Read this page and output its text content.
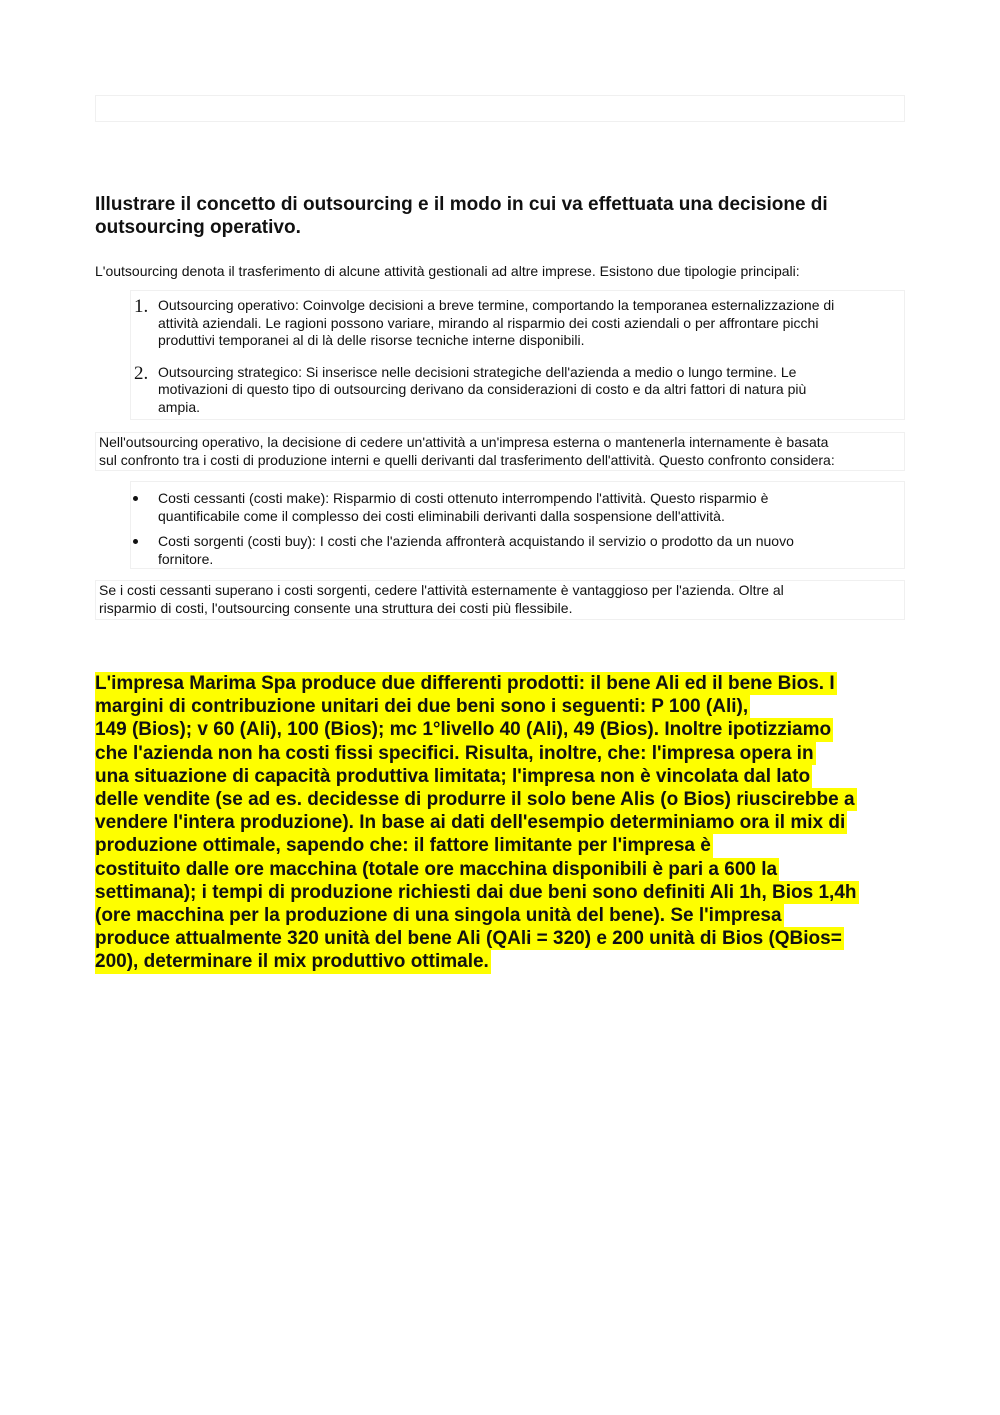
Illustrare il concetto di outsourcing e il modo in cui va effettuata una decisione di
outsourcing operativo.

L'outsourcing denota il trasferimento di alcune attività gestionali ad altre imprese. Esistono due tipologie principali:

1. Outsourcing operativo: Coinvolge decisioni a breve termine, comportando la temporanea esternalizzazione di
attività aziendali. Le ragioni possono variare, mirando al risparmio dei costi aziendali o per affrontare picchi
produttivi temporanei al di là delle risorse tecniche interne disponibili.
2. Outsourcing strategico: Si inserisce nelle decisioni strategiche dell'azienda a medio o lungo termine. Le
motivazioni di questo tipo di outsourcing derivano da considerazioni di costo e da altri fattori di natura più
ampia.
Nell'outsourcing operativo, la decisione di cedere un'attività a un'impresa esterna o mantenerla internamente è basata
sul confronto tra i costi di produzione interni e quelli derivanti dal trasferimento dell'attività. Questo confronto considera:
Costi cessanti (costi make): Risparmio di costi ottenuto interrompendo l'attività. Questo risparmio è
quantificabile come il complesso dei costi eliminabili derivanti dalla sospensione dell'attività.
Costi sorgenti (costi buy): I costi che l'azienda affronterà acquistando il servizio o prodotto da un nuovo
fornitore.
Se i costi cessanti superano i costi sorgenti, cedere l'attività esternamente è vantaggioso per l'azienda. Oltre al
risparmio di costi, l'outsourcing consente una struttura dei costi più flessibile.
L'impresa Marima Spa produce due differenti prodotti: il bene Ali ed il bene Bios. I
margini di contribuzione unitari dei due beni sono i seguenti: P 100 (Ali),
149 (Bios); v 60 (Ali), 100 (Bios); mc 1°livello 40 (Ali), 49 (Bios). Inoltre ipotizziamo
che l'azienda non ha costi fissi specifici. Risulta, inoltre, che: l'impresa opera in
una situazione di capacità produttiva limitata; l'impresa non è vincolata dal lato
delle vendite (se ad es. decidesse di produrre il solo bene Alis (o Bios) riuscirebbe a
vendere l'intera produzione). In base ai dati dell'esempio determiniamo ora il mix di
produzione ottimale, sapendo che: il fattore limitante per l'impresa è
costituito dalle ore macchina (totale ore macchina disponibili è pari a 600 la
settimana); i tempi di produzione richiesti dai due beni sono definiti Ali 1h, Bios 1,4h
(ore macchina per la produzione di una singola unità del bene). Se l'impresa
produce attualmente 320 unità del bene Ali (QAli = 320) e 200 unità di Bios (QBios=
200), determinare il mix produttivo ottimale.
